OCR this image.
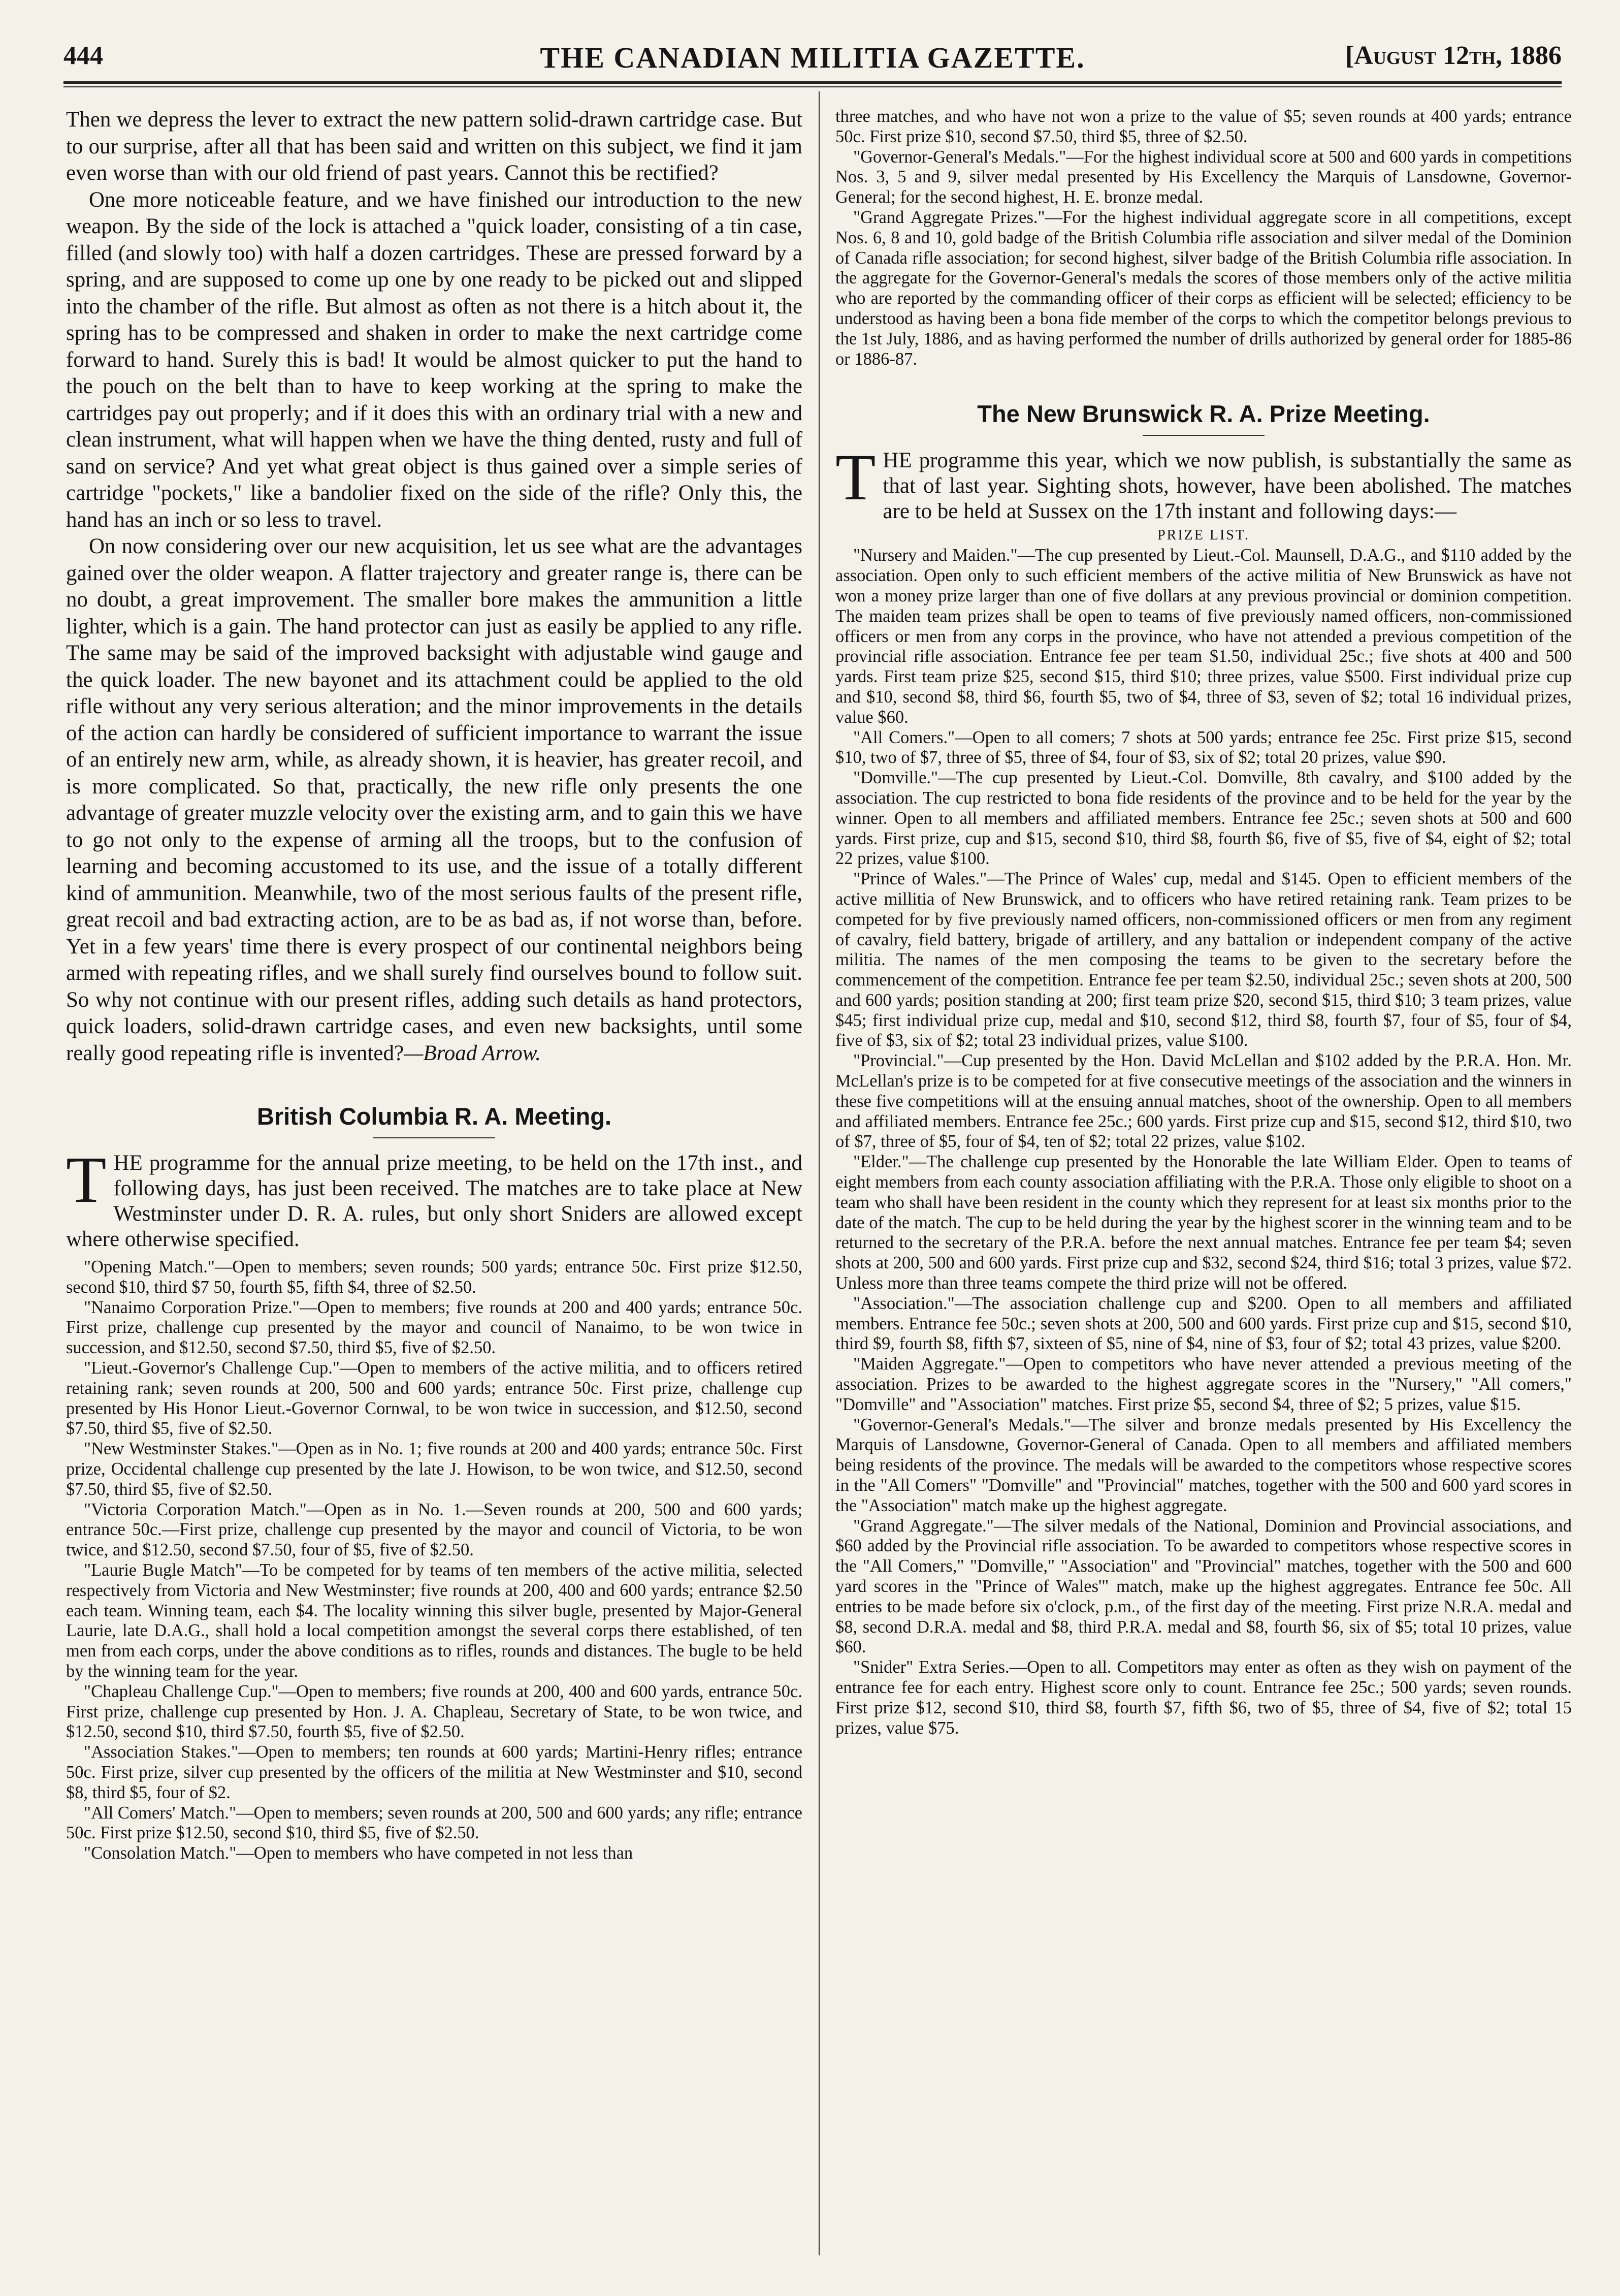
444	THE CANADIAN MILITIA GAZETTE.	[August 12th, 1886

Then we depress the lever to extract the new pattern solid-drawn cartridge case. But to our surprise, after all that has been said and written on this subject, we find it jam even worse than with our old friend of past years. Cannot this be rectified?

One more noticeable feature, and we have finished our introduction to the new weapon. By the side of the lock is attached a "quick loader, consisting of a tin case, filled (and slowly too) with half a dozen cartridges. These are pressed forward by a spring, and are supposed to come up one by one ready to be picked out and slipped into the chamber of the rifle. But almost as often as not there is a hitch about it, the spring has to be compressed and shaken in order to make the next cartridge come forward to hand. Surely this is bad! It would be almost quicker to put the hand to the pouch on the belt than to have to keep working at the spring to make the cartridges pay out properly; and if it does this with an ordinary trial with a new and clean instrument, what will happen when we have the thing dented, rusty and full of sand on service? And yet what great object is thus gained over a simple series of cartridge "pockets," like a bandolier fixed on the side of the rifle? Only this, the hand has an inch or so less to travel.

On now considering over our new acquisition, let us see what are the advantages gained over the older weapon. A flatter trajectory and greater range is, there can be no doubt, a great improvement. The smaller bore makes the ammunition a little lighter, which is a gain. The hand protector can just as easily be applied to any rifle. The same may be said of the improved backsight with adjustable wind gauge and the quick loader. The new bayonet and its attachment could be applied to the old rifle without any very serious alteration; and the minor improvements in the details of the action can hardly be considered of sufficient importance to warrant the issue of an entirely new arm, while, as already shown, it is heavier, has greater recoil, and is more complicated. So that, practically, the new rifle only presents the one advantage of greater muzzle velocity over the existing arm, and to gain this we have to go not only to the expense of arming all the troops, but to the confusion of learning and becoming accustomed to its use, and the issue of a totally different kind of ammunition. Meanwhile, two of the most serious faults of the present rifle, great recoil and bad extracting action, are to be as bad as, if not worse than, before. Yet in a few years' time there is every prospect of our continental neighbors being armed with repeating rifles, and we shall surely find ourselves bound to follow suit. So why not continue with our present rifles, adding such details as hand protectors, quick loaders, solid-drawn cartridge cases, and even new backsights, until some really good repeating rifle is invented?—Broad Arrow.

British Columbia R. A. Meeting.

THE programme for the annual prize meeting, to be held on the 17th inst., and following days, has just been received. The matches are to take place at New Westminster under D. R. A. rules, but only short Sniders are allowed except where otherwise specified.

"Opening Match."—Open to members; seven rounds; 500 yards; entrance 50c. First prize $12.50, second $10, third $7 50, fourth $5, fifth $4, three of $2.50.

"Nanaimo Corporation Prize."—Open to members; five rounds at 200 and 400 yards; entrance 50c. First prize, challenge cup presented by the mayor and council of Nanaimo, to be won twice in succession, and $12.50, second $7.50, third $5, five of $2.50.

"Lieut.-Governor's Challenge Cup."—Open to members of the active militia, and to officers retired retaining rank; seven rounds at 200, 500 and 600 yards; entrance 50c. First prize, challenge cup presented by His Honor Lieut.-Governor Cornwal, to be won twice in succession, and $12.50, second $7.50, third $5, five of $2.50.

"New Westminster Stakes."—Open as in No. 1; five rounds at 200 and 400 yards; entrance 50c. First prize, Occidental challenge cup presented by the late J. Howison, to be won twice, and $12.50, second $7.50, third $5, five of $2.50.

"Victoria Corporation Match."—Open as in No. 1.—Seven rounds at 200, 500 and 600 yards; entrance 50c.—First prize, challenge cup presented by the mayor and council of Victoria, to be won twice, and $12.50, second $7.50, four of $5, five of $2.50.

"Laurie Bugle Match"—To be competed for by teams of ten members of the active militia, selected respectively from Victoria and New Westminster; five rounds at 200, 400 and 600 yards; entrance $2.50 each team. Winning team, each $4. The locality winning this silver bugle, presented by Major-General Laurie, late D.A.G., shall hold a local competition amongst the several corps there established, of ten men from each corps, under the above conditions as to rifles, rounds and distances. The bugle to be held by the winning team for the year.

"Chapleau Challenge Cup."—Open to members; five rounds at 200, 400 and 600 yards, entrance 50c. First prize, challenge cup presented by Hon. J. A. Chapleau, Secretary of State, to be won twice, and $12.50, second $10, third $7.50, fourth $5, five of $2.50.

"Association Stakes."—Open to members; ten rounds at 600 yards; Martini-Henry rifles; entrance 50c. First prize, silver cup presented by the officers of the militia at New Westminster and $10, second $8, third $5, four of $2.

"All Comers' Match."—Open to members; seven rounds at 200, 500 and 600 yards; any rifle; entrance 50c. First prize $12.50, second $10, third $5, five of $2.50.

"Consolation Match."—Open to members who have competed in not less than

three matches, and who have not won a prize to the value of $5; seven rounds at 400 yards; entrance 50c. First prize $10, second $7.50, third $5, three of $2.50.

"Governor-General's Medals."—For the highest individual score at 500 and 600 yards in competitions Nos. 3, 5 and 9, silver medal presented by His Excellency the Marquis of Lansdowne, Governor-General; for the second highest, H. E. bronze medal.

"Grand Aggregate Prizes."—For the highest individual aggregate score in all competitions, except Nos. 6, 8 and 10, gold badge of the British Columbia rifle association and silver medal of the Dominion of Canada rifle association; for second highest, silver badge of the British Columbia rifle association. In the aggregate for the Governor-General's medals the scores of those members only of the active militia who are reported by the commanding officer of their corps as efficient will be selected; efficiency to be understood as having been a bona fide member of the corps to which the competitor belongs previous to the 1st July, 1886, and as having performed the number of drills authorized by general order for 1885-86 or 1886-87.

The New Brunswick R. A. Prize Meeting.

THE programme this year, which we now publish, is substantially the same as that of last year. Sighting shots, however, have been abolished. The matches are to be held at Sussex on the 17th instant and following days:—

PRIZE LIST.

"Nursery and Maiden."—The cup presented by Lieut.-Col. Maunsell, D.A.G., and $110 added by the association. Open only to such efficient members of the active militia of New Brunswick as have not won a money prize larger than one of five dollars at any previous provincial or dominion competition. The maiden team prizes shall be open to teams of five previously named officers, non-commissioned officers or men from any corps in the province, who have not attended a previous competition of the provincial rifle association. Entrance fee per team $1.50, individual 25c.; five shots at 400 and 500 yards. First team prize $25, second $15, third $10; three prizes, value $500. First individual prize cup and $10, second $8, third $6, fourth $5, two of $4, three of $3, seven of $2; total 16 individual prizes, value $60.

"All Comers."—Open to all comers; 7 shots at 500 yards; entrance fee 25c. First prize $15, second $10, two of $7, three of $5, three of $4, four of $3, six of $2; total 20 prizes, value $90.

"Domville."—The cup presented by Lieut.-Col. Domville, 8th cavalry, and $100 added by the association. The cup restricted to bona fide residents of the province and to be held for the year by the winner. Open to all members and affiliated members. Entrance fee 25c.; seven shots at 500 and 600 yards. First prize, cup and $15, second $10, third $8, fourth $6, five of $5, five of $4, eight of $2; total 22 prizes, value $100.

"Prince of Wales."—The Prince of Wales' cup, medal and $145. Open to efficient members of the active millitia of New Brunswick, and to officers who have retired retaining rank. Team prizes to be competed for by five previously named officers, non-commissioned officers or men from any regiment of cavalry, field battery, brigade of artillery, and any battalion or independent company of the active militia. The names of the men composing the teams to be given to the secretary before the commencement of the competition. Entrance fee per team $2.50, individual 25c.; seven shots at 200, 500 and 600 yards; position standing at 200; first team prize $20, second $15, third $10; 3 team prizes, value $45; first individual prize cup, medal and $10, second $12, third $8, fourth $7, four of $5, four of $4, five of $3, six of $2; total 23 individual prizes, value $100.

"Provincial."—Cup presented by the Hon. David McLellan and $102 added by the P.R.A. Hon. Mr. McLellan's prize is to be competed for at five consecutive meetings of the association and the winners in these five competitions will at the ensuing annual matches, shoot of the ownership. Open to all members and affiliated members. Entrance fee 25c.; 600 yards. First prize cup and $15, second $12, third $10, two of $7, three of $5, four of $4, ten of $2; total 22 prizes, value $102.

"Elder."—The challenge cup presented by the Honorable the late William Elder. Open to teams of eight members from each county association affiliating with the P.R.A. Those only eligible to shoot on a team who shall have been resident in the county which they represent for at least six months prior to the date of the match. The cup to be held during the year by the highest scorer in the winning team and to be returned to the secretary of the P.R.A. before the next annual matches. Entrance fee per team $4; seven shots at 200, 500 and 600 yards. First prize cup and $32, second $24, third $16; total 3 prizes, value $72. Unless more than three teams compete the third prize will not be offered.

"Association."—The association challenge cup and $200. Open to all members and affiliated members. Entrance fee 50c.; seven shots at 200, 500 and 600 yards. First prize cup and $15, second $10, third $9, fourth $8, fifth $7, sixteen of $5, nine of $4, nine of $3, four of $2; total 43 prizes, value $200.

"Maiden Aggregate."—Open to competitors who have never attended a previous meeting of the association. Prizes to be awarded to the highest aggregate scores in the "Nursery," "All comers," "Domville" and "Association" matches. First prize $5, second $4, three of $2; 5 prizes, value $15.

"Governor-General's Medals."—The silver and bronze medals presented by His Excellency the Marquis of Lansdowne, Governor-General of Canada. Open to all members and affiliated members being residents of the province. The medals will be awarded to the competitors whose respective scores in the "All Comers" "Domville" and "Provincial" matches, together with the 500 and 600 yard scores in the "Association" match make up the highest aggregate.

"Grand Aggregate."—The silver medals of the National, Dominion and Provincial associations, and $60 added by the Provincial rifle association. To be awarded to competitors whose respective scores in the "All Comers," "Domville," "Association" and "Provincial" matches, together with the 500 and 600 yard scores in the "Prince of Wales'" match, make up the highest aggregates. Entrance fee 50c. All entries to be made before six o'clock, p.m., of the first day of the meeting. First prize N.R.A. medal and $8, second D.R.A. medal and $8, third P.R.A. medal and $8, fourth $6, six of $5; total 10 prizes, value $60.

"Snider" Extra Series.—Open to all. Competitors may enter as often as they wish on payment of the entrance fee for each entry. Highest score only to count. Entrance fee 25c.; 500 yards; seven rounds. First prize $12, second $10, third $8, fourth $7, fifth $6, two of $5, three of $4, five of $2; total 15 prizes, value $75.
